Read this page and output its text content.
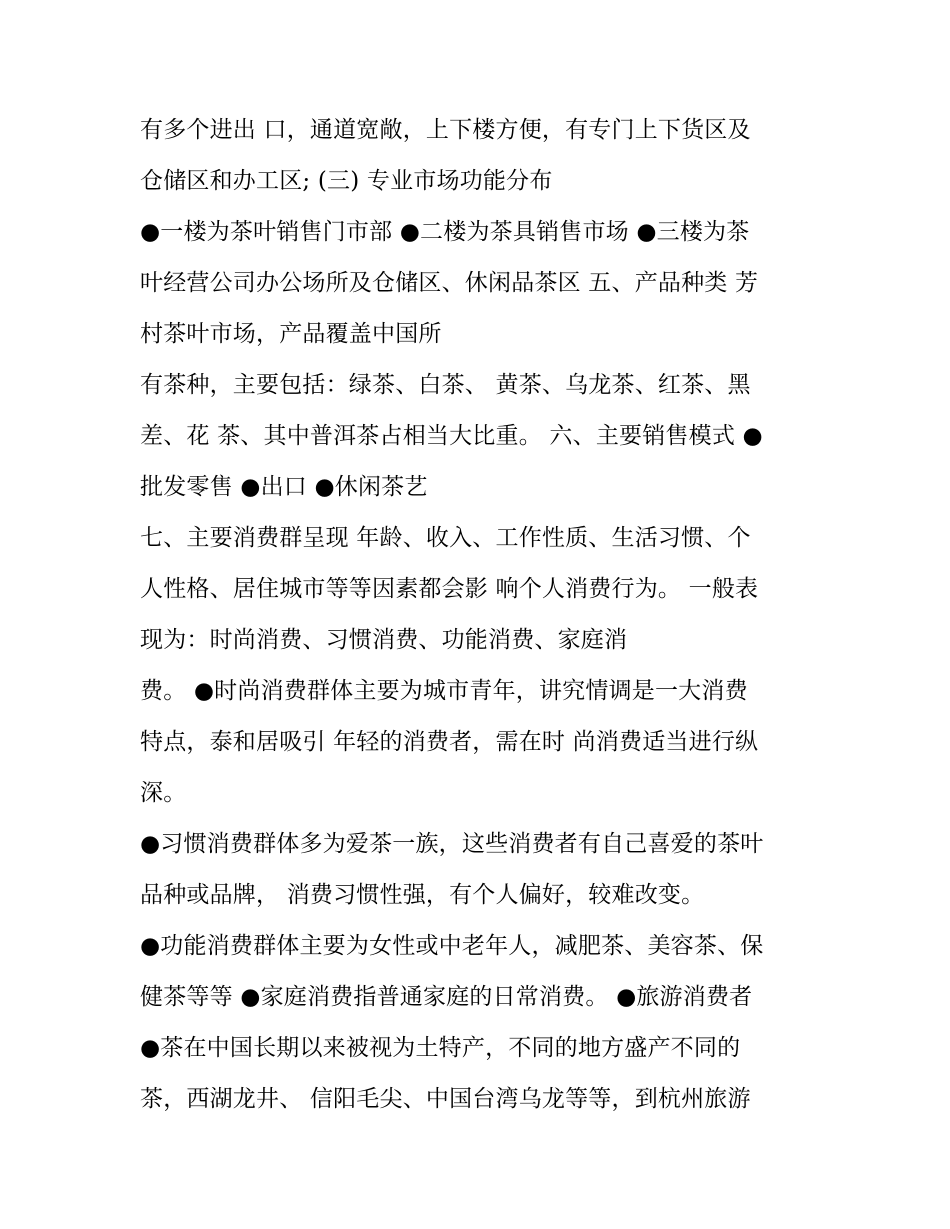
有多个进出 口，通道宽敞，上下楼方便，有专门上下货区及
仓储区和办工区; (三) 专业市场功能分布
●一楼为茶叶销售门市部 ●二楼为茶具销售市场 ●三楼为茶
叶经营公司办公场所及仓储区、休闲品茶区 五、产品种类 芳
村茶叶市场，产品覆盖中国所
有茶种，主要包括：绿茶、白茶、 黄茶、乌龙茶、红茶、黑
差、花 茶、其中普洱茶占相当大比重。 六、主要销售模式 ●
批发零售 ●出口 ●休闲茶艺
七、主要消费群呈现 年龄、收入、工作性质、生活习惯、个
人性格、居住城市等等因素都会影 响个人消费行为。 一般表
现为：时尚消费、习惯消费、功能消费、家庭消
费。 ●时尚消费群体主要为城市青年，讲究情调是一大消费
特点，泰和居吸引 年轻的消费者，需在时 尚消费适当进行纵
深。
●习惯消费群体多为爱茶一族，这些消费者有自己喜爱的茶叶
品种或品牌， 消费习惯性强，有个人偏好，较难改变。
●功能消费群体主要为女性或中老年人，减肥茶、美容茶、保
健茶等等 ●家庭消费指普通家庭的日常消费。 ●旅游消费者
●茶在中国长期以来被视为土特产，不同的地方盛产不同的
茶，西湖龙井、 信阳毛尖、中国台湾乌龙等等，到杭州旅游
